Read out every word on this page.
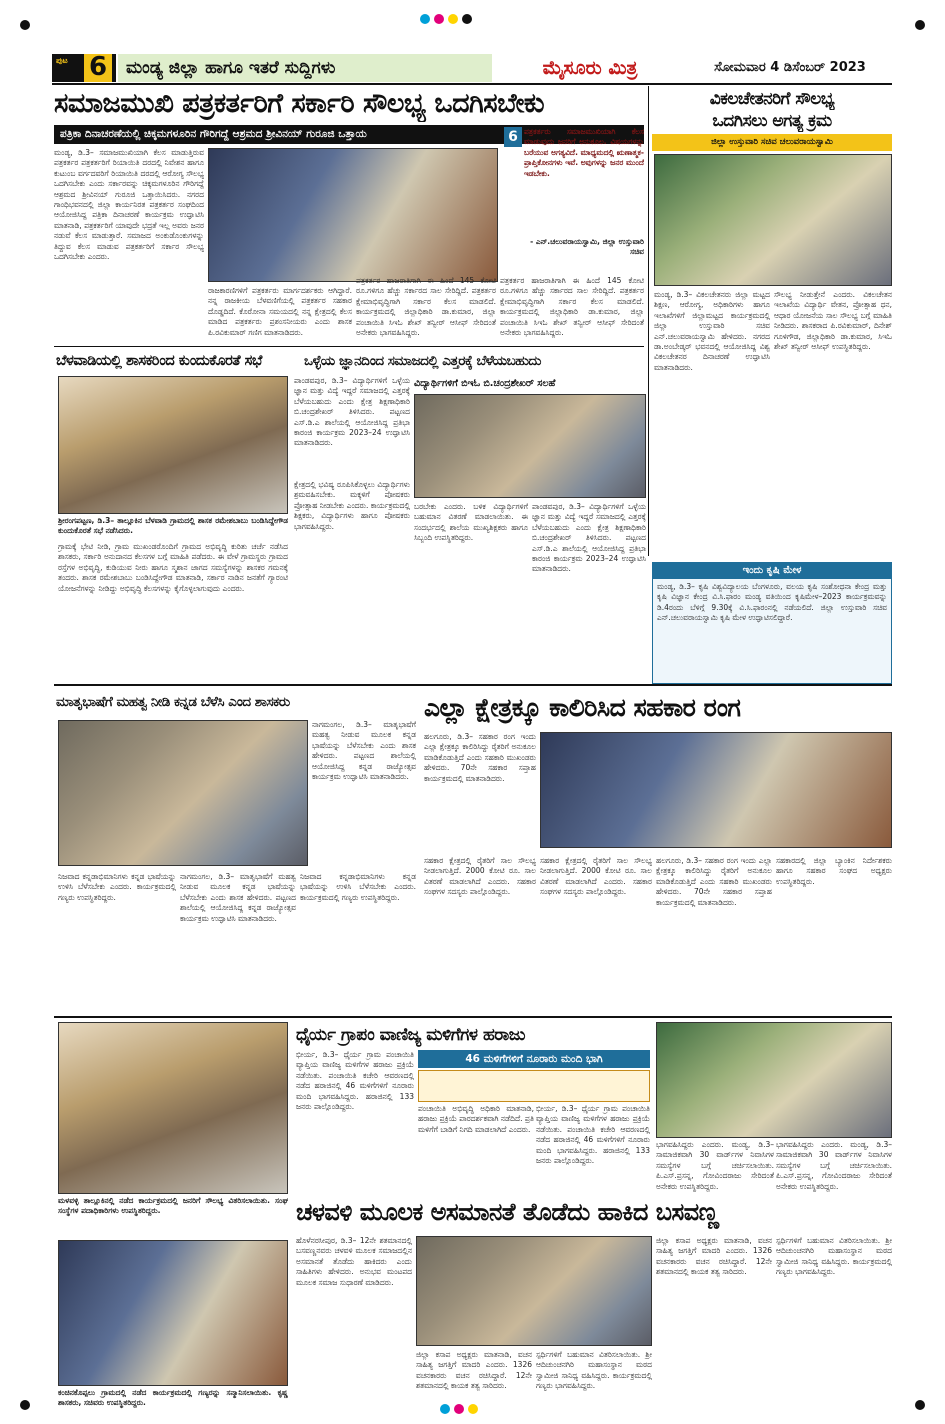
ಪುಟ 6	ಮಂಡ್ಯ ಜಿಲ್ಲಾ ಹಾಗೂ ಇತರೆ ಸುದ್ದಿಗಳು	ಮೈಸೂರು ಮಿತ್ರ	ಸೋಮವಾರ 4 ಡಿಸೆಂಬರ್ 2023
ಸಮಾಜಮುಖಿ ಪತ್ರಕರ್ತರಿಗೆ ಸರ್ಕಾರಿ ಸೌಲಭ್ಯ ಒದಗಿಸಬೇಕು
ಪತ್ರಿಕಾ ದಿನಾಚರಣೆಯಲ್ಲಿ ಚಿಕ್ಕಮಗಳೂರಿನ ಗೌರಿಗದ್ದೆ ಆಶ್ರಮದ ಶ್ರೀವಿನಯ್ ಗುರೂಜಿ ಒತ್ತಾಯ
ಮಂಡ್ಯ, ಡಿ.3– ಸಮಾಜಮುಖಿಯಾಗಿ ಕೆಲಸ ಮಾಡುತ್ತಿರುವ ಪತ್ರಕರ್ತರ ಪತ್ರಕರ್ತರಿಗೆ ರಿಯಾಯಿತಿ ದರದಲ್ಲಿ ನಿವೇಶನ ಹಾಗೂ ಕುಟುಂಬ ವರ್ಗದವರಿಗೆ ರಿಯಾಯಿತಿ ದರದಲ್ಲಿ ಆರೋಗ್ಯ ಸೌಲಭ್ಯ ಒದಗಿಸಬೇಕು ಎಂದು ಸರ್ಕಾರವನ್ನು ಚಿಕ್ಕಮಗಳೂರಿನ ಗೌರಿಗದ್ದೆ ಆಶ್ರಮದ ಶ್ರೀವಿನಯ್ ಗುರೂಜಿ ಒತ್ತಾಯಿಸಿದರು. ನಗರದ ಗಾಂಧಿಭವನದಲ್ಲಿ ಜಿಲ್ಲಾ ಕಾರ್ಯನಿರತ ಪತ್ರಕರ್ತರ ಸಂಘದಿಂದ ಆಯೋಜಿಸಿದ್ದ ಪತ್ರಿಕಾ ದಿನಾಚರಣೆ ಕಾರ್ಯಕ್ರಮ ಉದ್ಘಾಟಿಸಿ ಮಾತನಾಡಿ, ಪತ್ರಕರ್ತರಿಗೆ ಯಾವುದೇ ಭದ್ರತೆ ಇಲ್ಲ ಅವರು ಜನರ ನಡುವೆ ಕೆಲಸ ಮಾಡುತ್ತಾರೆ. ಸಮಾಜದ ಅಂಕುಡೊಂಕುಗಳನ್ನು ತಿದ್ದುವ ಕೆಲಸ ಮಾಡುವ ಪತ್ರಕರ್ತರಿಗೆ ಸರ್ಕಾರ ಸೌಲಭ್ಯ ಒದಗಿಸಬೇಕು ಎಂದರು.
6 ಪತ್ರಕರ್ತರು ಸಮಾಜಮುಖಿಯಾಗಿ ಕೆಲಸ ಮಾಡುವುದು ಜನರಿಗೆ ಅನುಕೂಲ. ವಿಷಯಗಳನ್ನು ಬರೆಯುವ ಅಗತ್ಯವಿದೆ. ಮಾಧ್ಯಮದಲ್ಲಿ ಋಣಾತ್ಮಕ-ಪ್ರಾಪ್ತಿಕೋನಗಳು ಇವೆ. ಅವುಗಳನ್ನು ಜನರ ಮುಂದೆ ಇಡಬೇಕು.
- ಎನ್.ಚಲುವರಾಯಸ್ವಾಮಿ, ಜಿಲ್ಲಾ ಉಸ್ತುವಾರಿ ಸಚಿವ
ರಾಜಕಾರಣಿಗಳಿಗೆ ಪತ್ರಕರ್ತರು ಮಾರ್ಗದರ್ಶಕರು ಆಗಿದ್ದಾರೆ. ನನ್ನ ರಾಜಕೀಯ ಬೆಳವಣಿಗೆಯಲ್ಲಿ ಪತ್ರಕರ್ತರ ಸಹಕಾರ ದೊಡ್ಡದಿದೆ. ಕೊರೋನಾ ಸಮಯದಲ್ಲಿ ನನ್ನ ಕ್ಷೇತ್ರದಲ್ಲಿ ಕೆಲಸ ಮಾಡಿದ ಪತ್ರಕರ್ತರು ಪ್ರಶಂಸನೀಯರು ಎಂದು ಶಾಸಕ ಪಿ.ರವಿಕುಮಾರ್ ಗಣಿಗ ಮಾತನಾಡಿದರು.
ಪತ್ರಕರ್ತರ ಹಾಜರಾತಿಗಾಗಿ ಈ ಹಿಂದೆ 145 ಕೋಟಿ ರೂ.ಗಳಿಗೂ ಹೆಚ್ಚು ಸರ್ಕಾರದ ಸಾಲ ಸೇರಿದ್ದಿದೆ. ಪತ್ರಕರ್ತರ ಕ್ಷೇಮಾಭಿವೃದ್ಧಿಗಾಗಿ ಸರ್ಕಾರ ಕೆಲಸ ಮಾಡಲಿದೆ. ಕಾರ್ಯಕ್ರಮದಲ್ಲಿ ಜಿಲ್ಲಾಧಿಕಾರಿ ಡಾ.ಕುಮಾರ, ಜಿಲ್ಲಾ ಪಂಚಾಯಿತಿ ಸಿಇಓ ಶೇಖ್ ತನ್ವೀರ್ ಆಸೀಫ್ ಸೇರಿದಂತೆ ಅನೇಕರು ಭಾಗವಹಿಸಿದ್ದರು.
ಪತ್ರಕರ್ತರ ಹಾಜರಾತಿಗಾಗಿ ಈ ಹಿಂದೆ 145 ಕೋಟಿ ರೂ.ಗಳಿಗೂ ಹೆಚ್ಚು ಸರ್ಕಾರದ ಸಾಲ ಸೇರಿದ್ದಿದೆ. ಪತ್ರಕರ್ತರ ಕ್ಷೇಮಾಭಿವೃದ್ಧಿಗಾಗಿ ಸರ್ಕಾರ ಕೆಲಸ ಮಾಡಲಿದೆ. ಕಾರ್ಯಕ್ರಮದಲ್ಲಿ ಜಿಲ್ಲಾಧಿಕಾರಿ ಡಾ.ಕುಮಾರ, ಜಿಲ್ಲಾ ಪಂಚಾಯಿತಿ ಸಿಇಓ ಶೇಖ್ ತನ್ವೀರ್ ಆಸೀಫ್ ಸೇರಿದಂತೆ ಅನೇಕರು ಭಾಗವಹಿಸಿದ್ದರು.
ವಿಕಲಚೇತನರಿಗೆ ಸೌಲಭ್ಯ
ಒದಗಿಸಲು ಅಗತ್ಯ ಕ್ರಮ
ಜಿಲ್ಲಾ ಉಸ್ತುವಾರಿ ಸಚಿವ ಚಲುವರಾಯಸ್ವಾಮಿ
ಮಂಡ್ಯ, ಡಿ.3– ವಿಕಲಚೇತನರು ಜಿಲ್ಲಾ ಮಟ್ಟದ ಶಿಕ್ಷಣ, ಆರೋಗ್ಯ, ಅಧಿಕಾರಿಗಳು ಹಾಗೂ ಇಲಾಖೆಗಳಿಗೆ ಜಿಲ್ಲಾಮಟ್ಟದ ಕಾರ್ಯಕ್ರಮದಲ್ಲಿ ಜಿಲ್ಲಾ ಉಸ್ತುವಾರಿ ಸಚಿವ ಎನ್.ಚಲುವರಾಯಸ್ವಾಮಿ ಹೇಳಿದರು. ನಗರದ ಡಾ.ಅಂಬೇಡ್ಕರ್ ಭವನದಲ್ಲಿ ಆಯೋಜಿಸಿದ್ದ ವಿಶ್ವ ವಿಕಲಚೇತನರ ದಿನಾಚರಣೆ ಉದ್ಘಾಟಿಸಿ ಮಾತನಾಡಿದರು.
ಸೌಲಭ್ಯ ನೀಡುತ್ತೇನೆ ಎಂದರು. ವಿಕಲಚೇತನ ಇಲಾಖೆಯ ವಿದ್ಯಾರ್ಥಿ ವೇತನ, ಪ್ರೋತ್ಸಾಹ ಧನ, ಆಧಾರ ಯೋಜನೆಯ ಸಾಲ ಸೌಲಭ್ಯ ಬಗ್ಗೆ ಮಾಹಿತಿ ನೀಡಿದರು. ಶಾಸಕರಾದ ಪಿ.ರವಿಕುಮಾರ್, ದಿನೇಶ್ ಗೂಳಿಗೌಡ, ಜಿಲ್ಲಾಧಿಕಾರಿ ಡಾ.ಕುಮಾರ, ಸಿಇಓ ಶೇಖ್ ತನ್ವೀರ್ ಆಸೀಫ್ ಉಪಸ್ಥಿತರಿದ್ದರು.
ಇಂದು ಕೃಷಿ ಮೇಳ
ಮಂಡ್ಯ, ಡಿ.3– ಕೃಷಿ ವಿಶ್ವವಿದ್ಯಾಲಯ ಬೆಂಗಳೂರು, ವಲಯ ಕೃಷಿ ಸಂಶೋಧನಾ ಕೇಂದ್ರ ಮತ್ತು ಕೃಷಿ ವಿಜ್ಞಾನ ಕೇಂದ್ರ ವಿ.ಸಿ.ಫಾರಂ ಮಂಡ್ಯ ವತಿಯಿಂದ ಕೃಷಿಮೇಳ–2023 ಕಾರ್ಯಕ್ರಮವನ್ನು ಡಿ.4ರಂದು ಬೆಳಿಗ್ಗೆ 9.30ಕ್ಕೆ ವಿ.ಸಿ.ಫಾರಂನಲ್ಲಿ ನಡೆಯಲಿದೆ. ಜಿಲ್ಲಾ ಉಸ್ತುವಾರಿ ಸಚಿವ ಎನ್.ಚಲುವರಾಯಸ್ವಾಮಿ ಕೃಷಿ ಮೇಳ ಉದ್ಘಾಟಿಸಲಿದ್ದಾರೆ.
ಬೆಳವಾಡಿಯಲ್ಲಿ ಶಾಸಕರಿಂದ ಕುಂದುಕೊರತೆ ಸಭೆ
ಶ್ರೀರಂಗಪಟ್ಟಣ, ಡಿ.3– ತಾಲ್ಲೂಕಿನ ಬೆಳವಾಡಿ ಗ್ರಾಮದಲ್ಲಿ ಶಾಸಕ ರಮೇಶಬಾಬು ಬಂಡಿಸಿದ್ದೇಗೌಡ ಕುಂದುಕೊರತೆ ಸಭೆ ನಡೆಸಿದರು.
ಗ್ರಾಮಕ್ಕೆ ಭೇಟಿ ನೀಡಿ, ಗ್ರಾಮ ಮುಖಂಡರೊಂದಿಗೆ ಗ್ರಾಮದ ಅಭಿವೃದ್ಧಿ ಕುರಿತು ಚರ್ಚೆ ನಡೆಸಿದ ಶಾಸಕರು, ಸರ್ಕಾರಿ ಅನುದಾನದ ಕೆಲಸಗಳ ಬಗ್ಗೆ ಮಾಹಿತಿ ಪಡೆದರು. ಈ ವೇಳೆ ಗ್ರಾಮಸ್ಥರು ಗ್ರಾಮದ ರಸ್ತೆಗಳ ಅಭಿವೃದ್ಧಿ, ಕುಡಿಯುವ ನೀರು ಹಾಗೂ ಸ್ಮಶಾನ ಜಾಗದ ಸಮಸ್ಯೆಗಳನ್ನು ಶಾಸಕರ ಗಮನಕ್ಕೆ ತಂದರು. ಶಾಸಕ ರಮೇಶಬಾಬು ಬಂಡಿಸಿದ್ದೇಗೌಡ ಮಾತನಾಡಿ, ಸರ್ಕಾರ ನಾಡಿನ ಜನತೆಗೆ ಗ್ಯಾರಂಟಿ ಯೋಜನೆಗಳನ್ನು ನೀಡಿದ್ದು ಅಭಿವೃದ್ಧಿ ಕೆಲಸಗಳನ್ನು ಕೈಗೊಳ್ಳಲಾಗುವುದು ಎಂದರು.
ಒಳ್ಳೆಯ ಜ್ಞಾನದಿಂದ ಸಮಾಜದಲ್ಲಿ ಎತ್ತರಕ್ಕೆ ಬೆಳೆಯಬಹುದು
ಪಾಂಡವಪುರ, ಡಿ.3– ವಿದ್ಯಾರ್ಥಿಗಳಿಗೆ ಒಳ್ಳೆಯ ಜ್ಞಾನ ಮತ್ತು ವಿದ್ಯೆ ಇದ್ದರೆ ಸಮಾಜದಲ್ಲಿ ಎತ್ತರಕ್ಕೆ ಬೆಳೆಯಬಹುದು ಎಂದು ಕ್ಷೇತ್ರ ಶಿಕ್ಷಣಾಧಿಕಾರಿ ಬಿ.ಚಂದ್ರಶೇಖರ್ ತಿಳಿಸಿದರು. ಪಟ್ಟಣದ ಎಸ್.ಡಿ.ಎ ಶಾಲೆಯಲ್ಲಿ ಆಯೋಜಿಸಿದ್ದ ಪ್ರತಿಭಾ ಕಾರಂಜಿ ಕಾರ್ಯಕ್ರಮ 2023–24 ಉದ್ಘಾಟಿಸಿ ಮಾತನಾಡಿದರು.
ವಿದ್ಯಾರ್ಥಿಗಳಿಗೆ ಬಿಇಓ ಬಿ.ಚಂದ್ರಶೇಖರ್ ಸಲಹೆ
ಕ್ಷೇತ್ರದಲ್ಲಿ ಭವಿಷ್ಯ ರೂಪಿಸಿಕೊಳ್ಳಲು ವಿದ್ಯಾರ್ಥಿಗಳು ಶ್ರಮವಹಿಸಬೇಕು. ಮಕ್ಕಳಿಗೆ ಪೋಷಕರು ಪ್ರೋತ್ಸಾಹ ನೀಡಬೇಕು ಎಂದರು. ಕಾರ್ಯಕ್ರಮದಲ್ಲಿ ಶಿಕ್ಷಕರು, ವಿದ್ಯಾರ್ಥಿಗಳು ಹಾಗೂ ಪೋಷಕರು ಭಾಗವಹಿಸಿದ್ದರು.
ಬರಬೇಕು ಎಂದರು. ಬಳಿಕ ವಿದ್ಯಾರ್ಥಿಗಳಿಗೆ ಬಹುಮಾನ ವಿತರಣೆ ಮಾಡಲಾಯಿತು. ಈ ಸಂದರ್ಭದಲ್ಲಿ ಶಾಲೆಯ ಮುಖ್ಯಶಿಕ್ಷಕರು ಹಾಗೂ ಸಿಬ್ಬಂದಿ ಉಪಸ್ಥಿತರಿದ್ದರು.
ಪಾಂಡವಪುರ, ಡಿ.3– ವಿದ್ಯಾರ್ಥಿಗಳಿಗೆ ಒಳ್ಳೆಯ ಜ್ಞಾನ ಮತ್ತು ವಿದ್ಯೆ ಇದ್ದರೆ ಸಮಾಜದಲ್ಲಿ ಎತ್ತರಕ್ಕೆ ಬೆಳೆಯಬಹುದು ಎಂದು ಕ್ಷೇತ್ರ ಶಿಕ್ಷಣಾಧಿಕಾರಿ ಬಿ.ಚಂದ್ರಶೇಖರ್ ತಿಳಿಸಿದರು. ಪಟ್ಟಣದ ಎಸ್.ಡಿ.ಎ ಶಾಲೆಯಲ್ಲಿ ಆಯೋಜಿಸಿದ್ದ ಪ್ರತಿಭಾ ಕಾರಂಜಿ ಕಾರ್ಯಕ್ರಮ 2023–24 ಉದ್ಘಾಟಿಸಿ ಮಾತನಾಡಿದರು.
ಮಾತೃಭಾಷೆಗೆ ಮಹತ್ವ ನೀಡಿ ಕನ್ನಡ ಬೆಳೆಸಿ ಎಂದ ಶಾಸಕರು
ನಾಗಮಂಗಲ, ಡಿ.3– ಮಾತೃಭಾಷೆಗೆ ಮಹತ್ವ ನೀಡುವ ಮೂಲಕ ಕನ್ನಡ ಭಾಷೆಯನ್ನು ಬೆಳೆಸಬೇಕು ಎಂದು ಶಾಸಕ ಹೇಳಿದರು. ಪಟ್ಟಣದ ಶಾಲೆಯಲ್ಲಿ ಆಯೋಜಿಸಿದ್ದ ಕನ್ನಡ ರಾಜ್ಯೋತ್ಸವ ಕಾರ್ಯಕ್ರಮ ಉದ್ಘಾಟಿಸಿ ಮಾತನಾಡಿದರು.
ನಿಜವಾದ ಕನ್ನಡಾಭಿಮಾನಿಗಳು ಕನ್ನಡ ಭಾಷೆಯನ್ನು ಉಳಿಸಿ ಬೆಳೆಸಬೇಕು ಎಂದರು. ಕಾರ್ಯಕ್ರಮದಲ್ಲಿ ಗಣ್ಯರು ಉಪಸ್ಥಿತರಿದ್ದರು.
ನಾಗಮಂಗಲ, ಡಿ.3– ಮಾತೃಭಾಷೆಗೆ ಮಹತ್ವ ನೀಡುವ ಮೂಲಕ ಕನ್ನಡ ಭಾಷೆಯನ್ನು ಬೆಳೆಸಬೇಕು ಎಂದು ಶಾಸಕ ಹೇಳಿದರು. ಪಟ್ಟಣದ ಶಾಲೆಯಲ್ಲಿ ಆಯೋಜಿಸಿದ್ದ ಕನ್ನಡ ರಾಜ್ಯೋತ್ಸವ ಕಾರ್ಯಕ್ರಮ ಉದ್ಘಾಟಿಸಿ ಮಾತನಾಡಿದರು.
ನಿಜವಾದ ಕನ್ನಡಾಭಿಮಾನಿಗಳು ಕನ್ನಡ ಭಾಷೆಯನ್ನು ಉಳಿಸಿ ಬೆಳೆಸಬೇಕು ಎಂದರು. ಕಾರ್ಯಕ್ರಮದಲ್ಲಿ ಗಣ್ಯರು ಉಪಸ್ಥಿತರಿದ್ದರು.
ಎಲ್ಲಾ ಕ್ಷೇತ್ರಕ್ಕೂ ಕಾಲಿರಿಸಿದ ಸಹಕಾರ ರಂಗ
ಹಲಗೂರು, ಡಿ.3– ಸಹಕಾರ ರಂಗ ಇಂದು ಎಲ್ಲಾ ಕ್ಷೇತ್ರಕ್ಕೂ ಕಾಲಿರಿಸಿದ್ದು ರೈತರಿಗೆ ಅನುಕೂಲ ಮಾಡಿಕೊಡುತ್ತಿದೆ ಎಂದು ಸಹಕಾರಿ ಮುಖಂಡರು ಹೇಳಿದರು. 70ನೇ ಸಹಕಾರ ಸಪ್ತಾಹ ಕಾರ್ಯಕ್ರಮದಲ್ಲಿ ಮಾತನಾಡಿದರು.
ಸಹಕಾರ ಕ್ಷೇತ್ರದಲ್ಲಿ ರೈತರಿಗೆ ಸಾಲ ಸೌಲಭ್ಯ ನೀಡಲಾಗುತ್ತಿದೆ. 2000 ಕೋಟಿ ರೂ. ಸಾಲ ವಿತರಣೆ ಮಾಡಲಾಗಿದೆ ಎಂದರು. ಸಹಕಾರ ಸಂಘಗಳ ಸದಸ್ಯರು ಪಾಲ್ಗೊಂಡಿದ್ದರು.
ಸಹಕಾರ ಕ್ಷೇತ್ರದಲ್ಲಿ ರೈತರಿಗೆ ಸಾಲ ಸೌಲಭ್ಯ ನೀಡಲಾಗುತ್ತಿದೆ. 2000 ಕೋಟಿ ರೂ. ಸಾಲ ವಿತರಣೆ ಮಾಡಲಾಗಿದೆ ಎಂದರು. ಸಹಕಾರ ಸಂಘಗಳ ಸದಸ್ಯರು ಪಾಲ್ಗೊಂಡಿದ್ದರು.
ಹಲಗೂರು, ಡಿ.3– ಸಹಕಾರ ರಂಗ ಇಂದು ಎಲ್ಲಾ ಕ್ಷೇತ್ರಕ್ಕೂ ಕಾಲಿರಿಸಿದ್ದು ರೈತರಿಗೆ ಅನುಕೂಲ ಮಾಡಿಕೊಡುತ್ತಿದೆ ಎಂದು ಸಹಕಾರಿ ಮುಖಂಡರು ಹೇಳಿದರು. 70ನೇ ಸಹಕಾರ ಸಪ್ತಾಹ ಕಾರ್ಯಕ್ರಮದಲ್ಲಿ ಮಾತನಾಡಿದರು.
ಸಹಕಾರದಲ್ಲಿ ಜಿಲ್ಲಾ ಬ್ಯಾಂಕಿನ ನಿರ್ದೇಶಕರು ಹಾಗೂ ಸಹಕಾರ ಸಂಘದ ಅಧ್ಯಕ್ಷರು ಉಪಸ್ಥಿತರಿದ್ದರು.
ಮಳವಳ್ಳಿ ತಾಲ್ಲೂಕಿನಲ್ಲಿ ನಡೆದ ಕಾರ್ಯಕ್ರಮದಲ್ಲಿ ಜನರಿಗೆ ಸೌಲಭ್ಯ ವಿತರಿಸಲಾಯಿತು. ಸಂಘ ಸಂಸ್ಥೆಗಳ ಪದಾಧಿಕಾರಿಗಳು ಉಪಸ್ಥಿತರಿದ್ದರು.
ಧೈರ್ಯ ಗ್ರಾಪಂ ವಾಣಿಜ್ಯ ಮಳಿಗೆಗಳ ಹರಾಜು
ಭೀರ್ಯ, ಡಿ.3– ಧೈರ್ಯ ಗ್ರಾಮ ಪಂಚಾಯಿತಿ ವ್ಯಾಪ್ತಿಯ ವಾಣಿಜ್ಯ ಮಳಿಗೆಗಳ ಹರಾಜು ಪ್ರಕ್ರಿಯೆ ನಡೆಯಿತು. ಪಂಚಾಯಿತಿ ಕಚೇರಿ ಆವರಣದಲ್ಲಿ ನಡೆದ ಹರಾಜಿನಲ್ಲಿ 46 ಮಳಿಗೆಗಳಿಗೆ ನೂರಾರು ಮಂದಿ ಭಾಗವಹಿಸಿದ್ದರು. ಹರಾಜಿನಲ್ಲಿ 133 ಜನರು ಪಾಲ್ಗೊಂಡಿದ್ದರು.
46 ಮಳಿಗೆಗಳಿಗೆ ನೂರಾರು ಮಂದಿ ಭಾಗಿ
ಪಂಚಾಯಿತಿ ಅಭಿವೃದ್ಧಿ ಅಧಿಕಾರಿ ಮಾತನಾಡಿ, ಹರಾಜು ಪ್ರಕ್ರಿಯೆ ಪಾರದರ್ಶಕವಾಗಿ ನಡೆದಿದೆ. ಪ್ರತಿ ಮಳಿಗೆಗೆ ಬಾಡಿಗೆ ನಿಗದಿ ಮಾಡಲಾಗಿದೆ ಎಂದರು.
ಭೀರ್ಯ, ಡಿ.3– ಧೈರ್ಯ ಗ್ರಾಮ ಪಂಚಾಯಿತಿ ವ್ಯಾಪ್ತಿಯ ವಾಣಿಜ್ಯ ಮಳಿಗೆಗಳ ಹರಾಜು ಪ್ರಕ್ರಿಯೆ ನಡೆಯಿತು. ಪಂಚಾಯಿತಿ ಕಚೇರಿ ಆವರಣದಲ್ಲಿ ನಡೆದ ಹರಾಜಿನಲ್ಲಿ 46 ಮಳಿಗೆಗಳಿಗೆ ನೂರಾರು ಮಂದಿ ಭಾಗವಹಿಸಿದ್ದರು. ಹರಾಜಿನಲ್ಲಿ 133 ಜನರು ಪಾಲ್ಗೊಂಡಿದ್ದರು.
ಭಾಗವಹಿಸಿದ್ದರು ಎಂದರು. ಮಂಡ್ಯ, ಡಿ.3– ಸಾಮಾಜಿಕವಾಗಿ 30 ವಾರ್ಡ್‌ಗಳ ನಿವಾಸಿಗಳ ಸಮಸ್ಯೆಗಳ ಬಗ್ಗೆ ಚರ್ಚಿಸಲಾಯಿತು. ಪಿ.ಎಸ್.ಪ್ರಸನ್ನ, ಗೋವಿಂದರಾಜು ಸೇರಿದಂತೆ ಅನೇಕರು ಉಪಸ್ಥಿತರಿದ್ದರು.
ಭಾಗವಹಿಸಿದ್ದರು ಎಂದರು. ಮಂಡ್ಯ, ಡಿ.3– ಸಾಮಾಜಿಕವಾಗಿ 30 ವಾರ್ಡ್‌ಗಳ ನಿವಾಸಿಗಳ ಸಮಸ್ಯೆಗಳ ಬಗ್ಗೆ ಚರ್ಚಿಸಲಾಯಿತು. ಪಿ.ಎಸ್.ಪ್ರಸನ್ನ, ಗೋವಿಂದರಾಜು ಸೇರಿದಂತೆ ಅನೇಕರು ಉಪಸ್ಥಿತರಿದ್ದರು.
ಕಂಚಿನಕೊಪ್ಪಲು ಗ್ರಾಮದಲ್ಲಿ ನಡೆದ ಕಾರ್ಯಕ್ರಮದಲ್ಲಿ ಗಣ್ಯರನ್ನು ಸನ್ಮಾನಿಸಲಾಯಿತು. ಕೃಷ್ಣ ಶಾಸಕರು, ಸಚಿವರು ಉಪಸ್ಥಿತರಿದ್ದರು.
ಚಳವಳಿ ಮೂಲಕ ಅಸಮಾನತೆ ತೊಡೆದು ಹಾಕಿದ ಬಸವಣ್ಣ
ಹೊಳೆನರಸೀಪುರ, ಡಿ.3– 12ನೇ ಶತಮಾನದಲ್ಲಿ ಬಸವಣ್ಣನವರು ಚಳವಳಿ ಮೂಲಕ ಸಮಾಜದಲ್ಲಿನ ಅಸಮಾನತೆ ತೊಡೆದು ಹಾಕಿದರು ಎಂದು ಸಾಹಿತಿಗಳು ಹೇಳಿದರು. ಅನುಭವ ಮಂಟಪದ ಮೂಲಕ ಸಮಾಜ ಸುಧಾರಣೆ ಮಾಡಿದರು.
ಜಿಲ್ಲಾ ಕಸಾಪ ಅಧ್ಯಕ್ಷರು ಮಾತನಾಡಿ, ವಚನ ಸಾಹಿತ್ಯ ಜಗತ್ತಿಗೆ ಮಾದರಿ ಎಂದರು. 1326 ವಚನಕಾರರು ವಚನ ರಚಿಸಿದ್ದಾರೆ. 12ನೇ ಶತಮಾನದಲ್ಲಿ ಕಾಯಕ ತತ್ವ ಸಾರಿದರು.
ಸ್ಪರ್ಧಿಗಳಿಗೆ ಬಹುಮಾನ ವಿತರಿಸಲಾಯಿತು. ಶ್ರೀ ಆದಿಚುಂಚನಗಿರಿ ಮಹಾಸಂಸ್ಥಾನ ಮಠದ ಸ್ವಾಮೀಜಿ ಸಾನಿಧ್ಯ ವಹಿಸಿದ್ದರು. ಕಾರ್ಯಕ್ರಮದಲ್ಲಿ ಗಣ್ಯರು ಭಾಗವಹಿಸಿದ್ದರು.
ಜಿಲ್ಲಾ ಕಸಾಪ ಅಧ್ಯಕ್ಷರು ಮಾತನಾಡಿ, ವಚನ ಸಾಹಿತ್ಯ ಜಗತ್ತಿಗೆ ಮಾದರಿ ಎಂದರು. 1326 ವಚನಕಾರರು ವಚನ ರಚಿಸಿದ್ದಾರೆ. 12ನೇ ಶತಮಾನದಲ್ಲಿ ಕಾಯಕ ತತ್ವ ಸಾರಿದರು.
ಸ್ಪರ್ಧಿಗಳಿಗೆ ಬಹುಮಾನ ವಿತರಿಸಲಾಯಿತು. ಶ್ರೀ ಆದಿಚುಂಚನಗಿರಿ ಮಹಾಸಂಸ್ಥಾನ ಮಠದ ಸ್ವಾಮೀಜಿ ಸಾನಿಧ್ಯ ವಹಿಸಿದ್ದರು. ಕಾರ್ಯಕ್ರಮದಲ್ಲಿ ಗಣ್ಯರು ಭಾಗವಹಿಸಿದ್ದರು.
